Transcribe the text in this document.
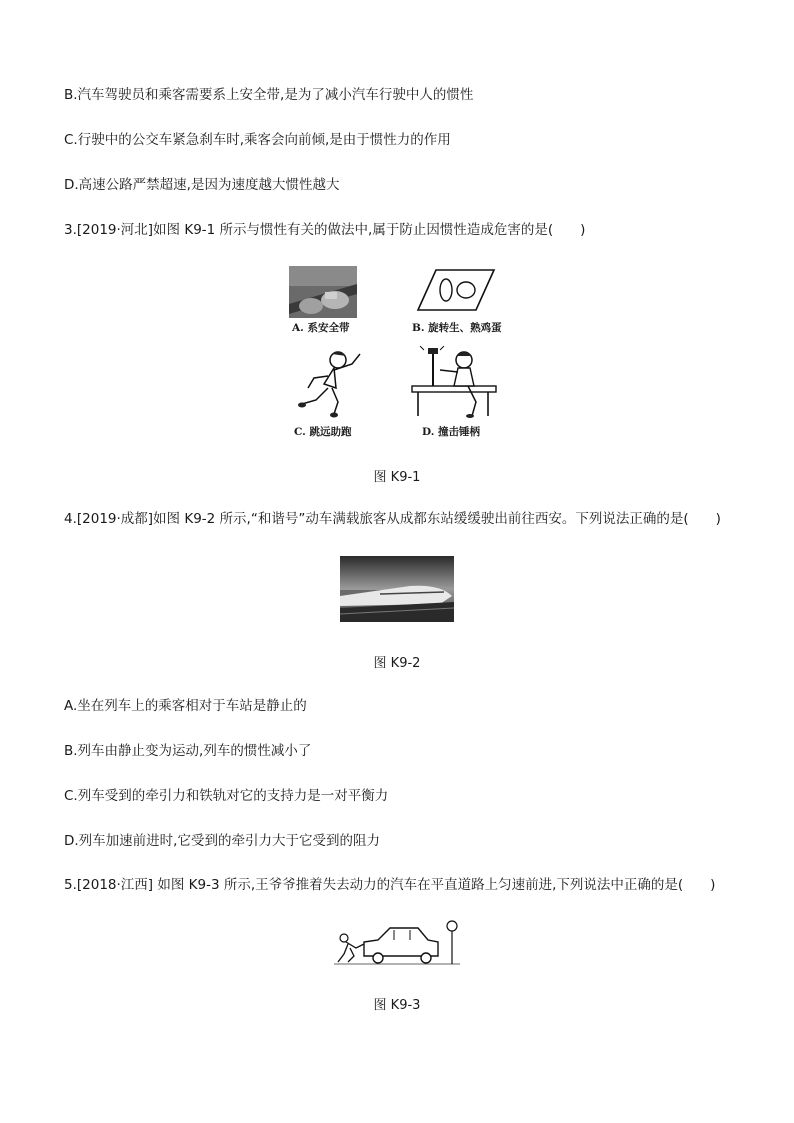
B.汽车驾驶员和乘客需要系上安全带,是为了减小汽车行驶中人的惯性
C.行驶中的公交车紧急刹车时,乘客会向前倾,是由于惯性力的作用
D.高速公路严禁超速,是因为速度越大惯性越大
3.[2019·河北]如图 K9-1 所示与惯性有关的做法中,属于防止因惯性造成危害的是(　　)
A. 系安全带	B. 旋转生、熟鸡蛋
C. 跳远助跑	D. 撞击锤柄
图 K9-1
4.[2019·成都]如图 K9-2 所示,“和谐号”动车满载旅客从成都东站缓缓驶出前往西安。下列说法正确的是(　　)
图 K9-2
A.坐在列车上的乘客相对于车站是静止的
B.列车由静止变为运动,列车的惯性减小了
C.列车受到的牵引力和铁轨对它的支持力是一对平衡力
D.列车加速前进时,它受到的牵引力大于它受到的阻力
5.[2018·江西] 如图 K9-3 所示,王爷爷推着失去动力的汽车在平直道路上匀速前进,下列说法中正确的是(　　)
图 K9-3
